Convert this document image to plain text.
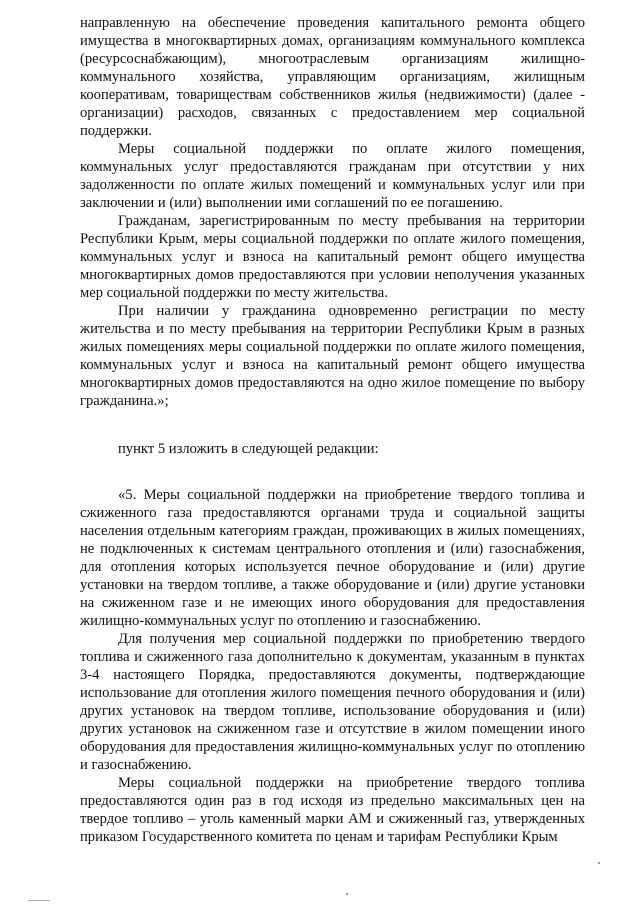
направленную на обеспечение проведения капитального ремонта общего имущества в многоквартирных домах, организациям коммунального комплекса (ресурсоснабжающим), многоотраслевым организациям жилищно-коммунального хозяйства, управляющим организациям, жилищным кооперативам, товариществам собственников жилья (недвижимости) (далее - организации) расходов, связанных с предоставлением мер социальной поддержки.

Меры социальной поддержки по оплате жилого помещения, коммунальных услуг предоставляются гражданам при отсутствии у них задолженности по оплате жилых помещений и коммунальных услуг или при заключении и (или) выполнении ими соглашений по ее погашению.

Гражданам, зарегистрированным по месту пребывания на территории Республики Крым, меры социальной поддержки по оплате жилого помещения, коммунальных услуг и взноса на капитальный ремонт общего имущества многоквартирных домов предоставляются при условии неполучения указанных мер социальной поддержки по месту жительства.

При наличии у гражданина одновременно регистрации по месту жительства и по месту пребывания на территории Республики Крым в разных жилых помещениях меры социальной поддержки по оплате жилого помещения, коммунальных услуг и взноса на капитальный ремонт общего имущества многоквартирных домов предоставляются на одно жилое помещение по выбору гражданина.»;

пункт 5 изложить в следующей редакции:

«5. Меры социальной поддержки на приобретение твердого топлива и сжиженного газа предоставляются органами труда и социальной защиты населения отдельным категориям граждан, проживающих в жилых помещениях, не подключенных к системам центрального отопления и (или) газоснабжения, для отопления которых используется печное оборудование и (или) другие установки на твердом топливе, а также оборудование и (или) другие установки на сжиженном газе и не имеющих иного оборудования для предоставления жилищно-коммунальных услуг по отоплению и газоснабжению.

Для получения мер социальной поддержки по приобретению твердого топлива и сжиженного газа дополнительно к документам, указанным в пунктах 3-4 настоящего Порядка, предоставляются документы, подтверждающие использование для отопления жилого помещения печного оборудования и (или) других установок на твердом топливе, использование оборудования и (или) других установок на сжиженном газе и отсутствие в жилом помещении иного оборудования для предоставления жилищно-коммунальных услуг по отоплению и газоснабжению.

Меры социальной поддержки на приобретение твердого топлива предоставляются один раз в год исходя из предельно максимальных цен на твердое топливо – уголь каменный марки АМ и сжиженный газ, утвержденных приказом Государственного комитета по ценам и тарифам Республики Крым
